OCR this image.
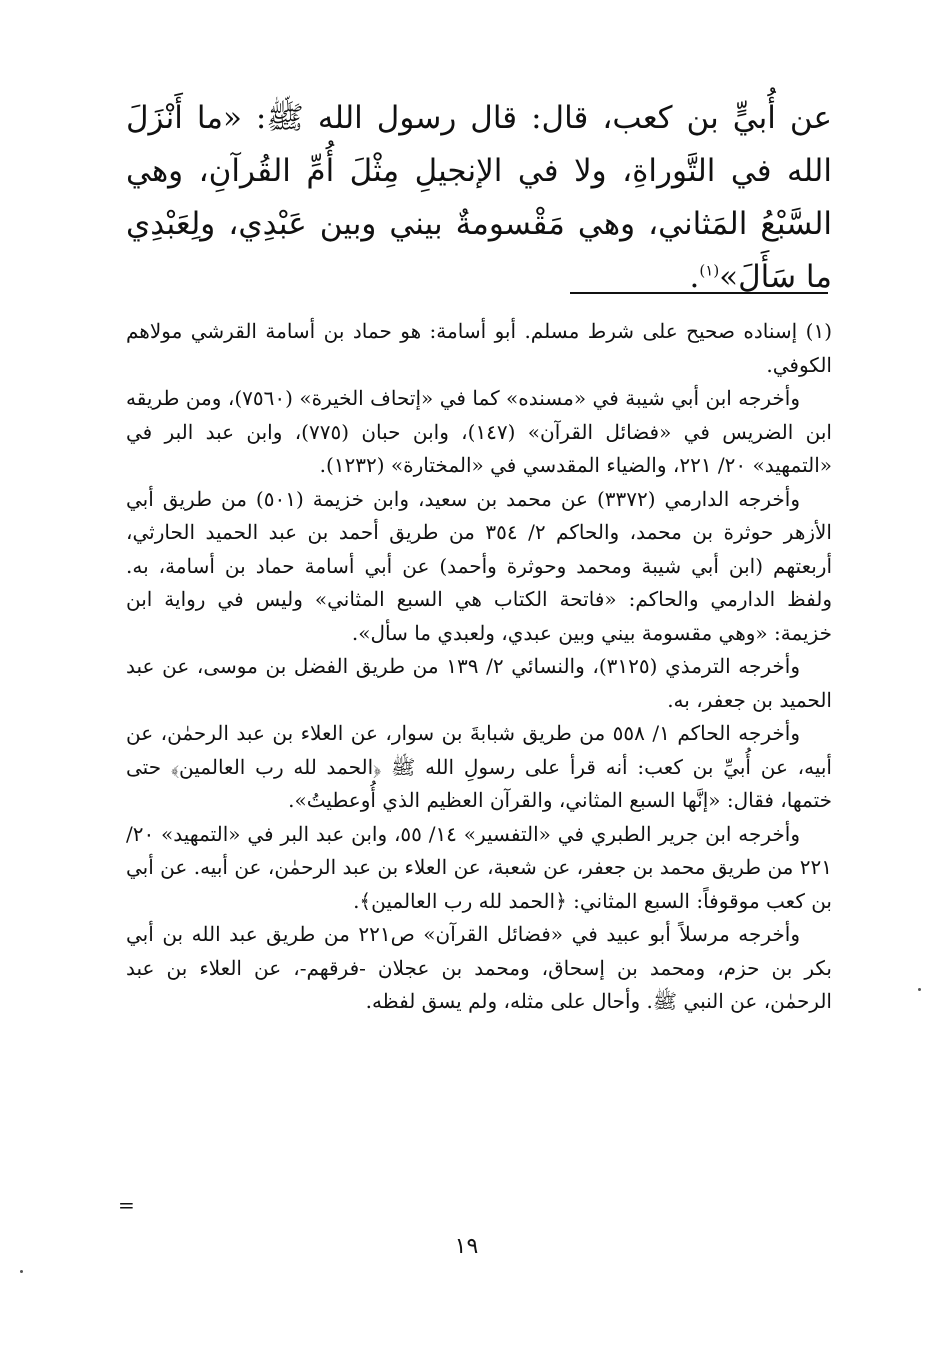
عن أُبيٍّ بن كعب، قال: قال رسول الله ﷺ: «ما أَنْزَلَ الله في التَّوراةِ، ولا في الإنجيلِ مِثْلَ أُمِّ القُرآنِ، وهي السَّبْعُ المَثاني، وهي مَقْسومةٌ بيني وبين عَبْدِي، ولِعَبْدِي ما سَأَلَ»$^{(١)}$.

(١) إسناده صحيح على شرط مسلم. أبو أسامة: هو حماد بن أسامة القرشي مولاهم الكوفي.

وأخرجه ابن أبي شيبة في «مسنده» كما في «إتحاف الخيرة» (٧٥٦٠)، ومن طريقه ابن الضريس في «فضائل القرآن» (١٤٧)، وابن حبان (٧٧٥)، وابن عبد البر في «التمهيد» ٢٠/ ٢٢١، والضياء المقدسي في «المختارة» (١٢٣٢).

وأخرجه الدارمي (٣٣٧٢) عن محمد بن سعيد، وابن خزيمة (٥٠١) من طريق أبي الأزهر حوثرة بن محمد، والحاكم ٢/ ٣٥٤ من طريق أحمد بن عبد الحميد الحارثي، أربعتهم (ابن أبي شيبة ومحمد وحوثرة وأحمد) عن أبي أسامة حماد بن أسامة، به. ولفظ الدارمي والحاكم: «فاتحة الكتاب هي السبع المثاني» وليس في رواية ابن خزيمة: «وهي مقسومة بيني وبين عبدي، ولعبدي ما سأل».

وأخرجه الترمذي (٣١٢٥)، والنسائي ٢/ ١٣٩ من طريق الفضل بن موسى، عن عبد الحميد بن جعفر، به.

وأخرجه الحاكم ١/ ٥٥٨ من طريق شبابةَ بن سوار، عن العلاء بن عبد الرحمٰن، عن أبيه، عن أُبيِّ بن كعب: أنه قرأ على رسولِ الله ﷺ ﴿الحمد لله رب العالمين﴾ حتى ختمها، فقال: «إنَّها السبع المثاني، والقرآن العظيم الذي أُوعطيتُ».

وأخرجه ابن جرير الطبري في «التفسير» ١٤/ ٥٥، وابن عبد البر في «التمهيد» ٢٠/ ٢٢١ من طريق محمد بن جعفر، عن شعبة، عن العلاء بن عبد الرحمٰن، عن أبيه. عن أبي بن كعب موقوفاً: السبع المثاني: ﴿الحمد لله رب العالمين﴾.

وأخرجه مرسلاً أبو عبيد في «فضائل القرآن» ص٢٢١ من طريق عبد الله بن أبي بكر بن حزم، ومحمد بن إسحاق، ومحمد بن عجلان -فرقهم-، عن العلاء بن عبد الرحمٰن، عن النبي ﷺ. وأحال على مثله، ولم يسق لفظه.

=
١٩
